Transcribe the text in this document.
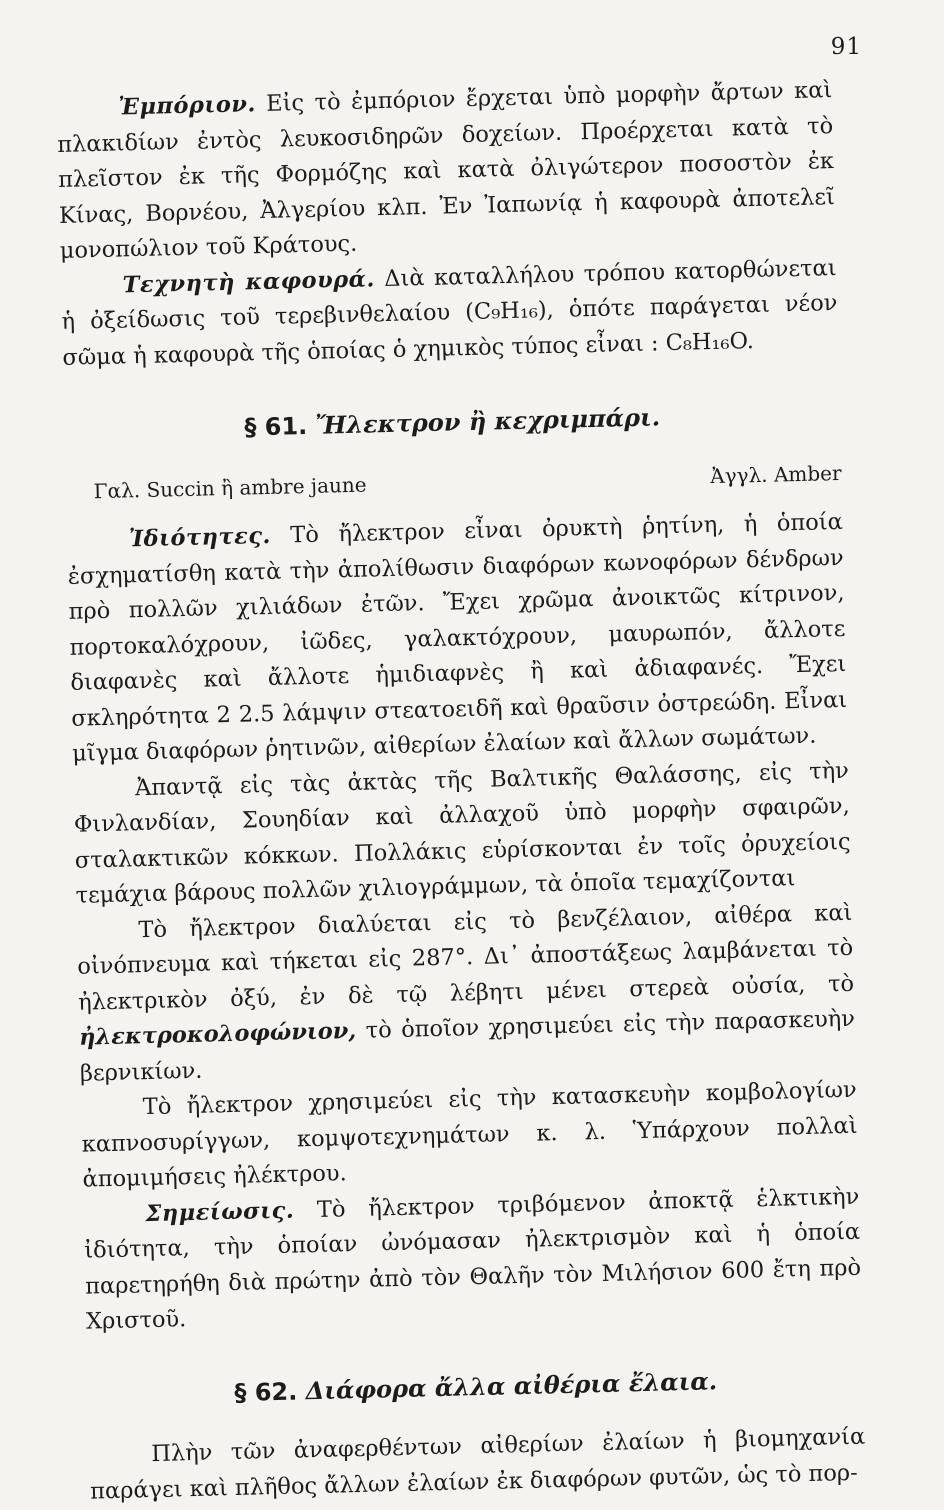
91

Ἐμπόριον. Εἰς τὸ ἐμπόριον ἔρχεται ὑπὸ μορφὴν ἄρτων καὶ πλακιδίων ἐντὸς λευκοσιδηρῶν δοχείων. Προέρχεται κατὰ τὸ πλεῖστον ἐκ τῆς Φορμόζης καὶ κατὰ ὀλιγώτερον ποσοστὸν ἐκ Κίνας, Βορνέου, Ἀλγερίου κλπ. Ἐν Ἰαπωνίᾳ ἡ καφουρὰ ἀποτελεῖ μονοπώλιον τοῦ Κράτους.

Τεχνητὴ καφουρά. Διὰ καταλλήλου τρόπου κατορθώνεται ἡ ὀξείδωσις τοῦ τερεβινθελαίου (C₉H₁₆), ὁπότε παράγεται νέον σῶμα ἡ καφουρὰ τῆς ὁποίας ὁ χημικὸς τύπος εἶναι : C₈H₁₆O.

§ 61. Ἤλεκτρον ἢ κεχριμπάρι.
Γαλ. Succin ἢ ambre jaune	Ἀγγλ. Amber

Ἰδιότητες. Τὸ ἤλεκτρον εἶναι ὀρυκτὴ ῥητίνη, ἡ ὁποία ἐσχηματίσθη κατὰ τὴν ἀπολίθωσιν διαφόρων κωνοφόρων δένδρων πρὸ πολλῶν χιλιάδων ἐτῶν. Ἔχει χρῶμα ἀνοικτῶς κίτρινον, πορτοκαλόχρουν, ἰῶδες, γαλακτόχρουν, μαυρωπόν, ἄλλοτε διαφανὲς καὶ ἄλλοτε ἡμιδιαφνὲς ἢ καὶ ἀδιαφανές. Ἔχει σκληρότητα 2 2.5 λάμψιν στεατοειδῆ καὶ θραῦσιν ὀστρεώδη. Εἶναι μῖγμα διαφόρων ῥητινῶν, αἰθερίων ἐλαίων καὶ ἄλλων σωμάτων.

Ἀπαντᾷ εἰς τὰς ἀκτὰς τῆς Βαλτικῆς Θαλάσσης, εἰς τὴν Φινλανδίαν, Σουηδίαν καὶ ἀλλαχοῦ ὑπὸ μορφὴν σφαιρῶν, σταλακτικῶν κόκκων. Πολλάκις εὑρίσκονται ἐν τοῖς ὀρυχείοις τεμάχια βάρους πολλῶν χιλιογράμμων, τὰ ὁποῖα τεμαχίζονται

Τὸ ἤλεκτρον διαλύεται εἰς τὸ βενζέλαιον, αἰθέρα καὶ οἰνόπνευμα καὶ τήκεται εἰς 287°. Δι᾽ ἀποστάξεως λαμβάνεται τὸ ἠλεκτρικὸν ὀξύ, ἐν δὲ τῷ λέβητι μένει στερεὰ οὐσία, τὸ ἠλεκτροκολοφώνιον, τὸ ὁποῖον χρησιμεύει εἰς τὴν παρασκευὴν βερνικίων.

Τὸ ἤλεκτρον χρησιμεύει εἰς τὴν κατασκευὴν κομβολογίων καπνοσυρίγγων, κομψοτεχνημάτων κ. λ. Ὑπάρχουν πολλαὶ ἀπομιμήσεις ἠλέκτρου.

Σημείωσις. Τὸ ἤλεκτρον τριβόμενον ἀποκτᾷ ἑλκτικὴν ἰδιότητα, τὴν ὁποίαν ὠνόμασαν ἠλεκτρισμὸν καὶ ἡ ὁποία παρετηρήθη διὰ πρώτην ἀπὸ τὸν Θαλῆν τὸν Μιλήσιον 600 ἔτη πρὸ Χριστοῦ.

§ 62. Διάφορα ἄλλα αἰθέρια ἔλαια.

Πλὴν τῶν ἀναφερθέντων αἰθερίων ἐλαίων ἡ βιομηχανία παράγει καὶ πλῆθος ἄλλων ἐλαίων ἐκ διαφόρων φυτῶν, ὡς τὸ πορ-
